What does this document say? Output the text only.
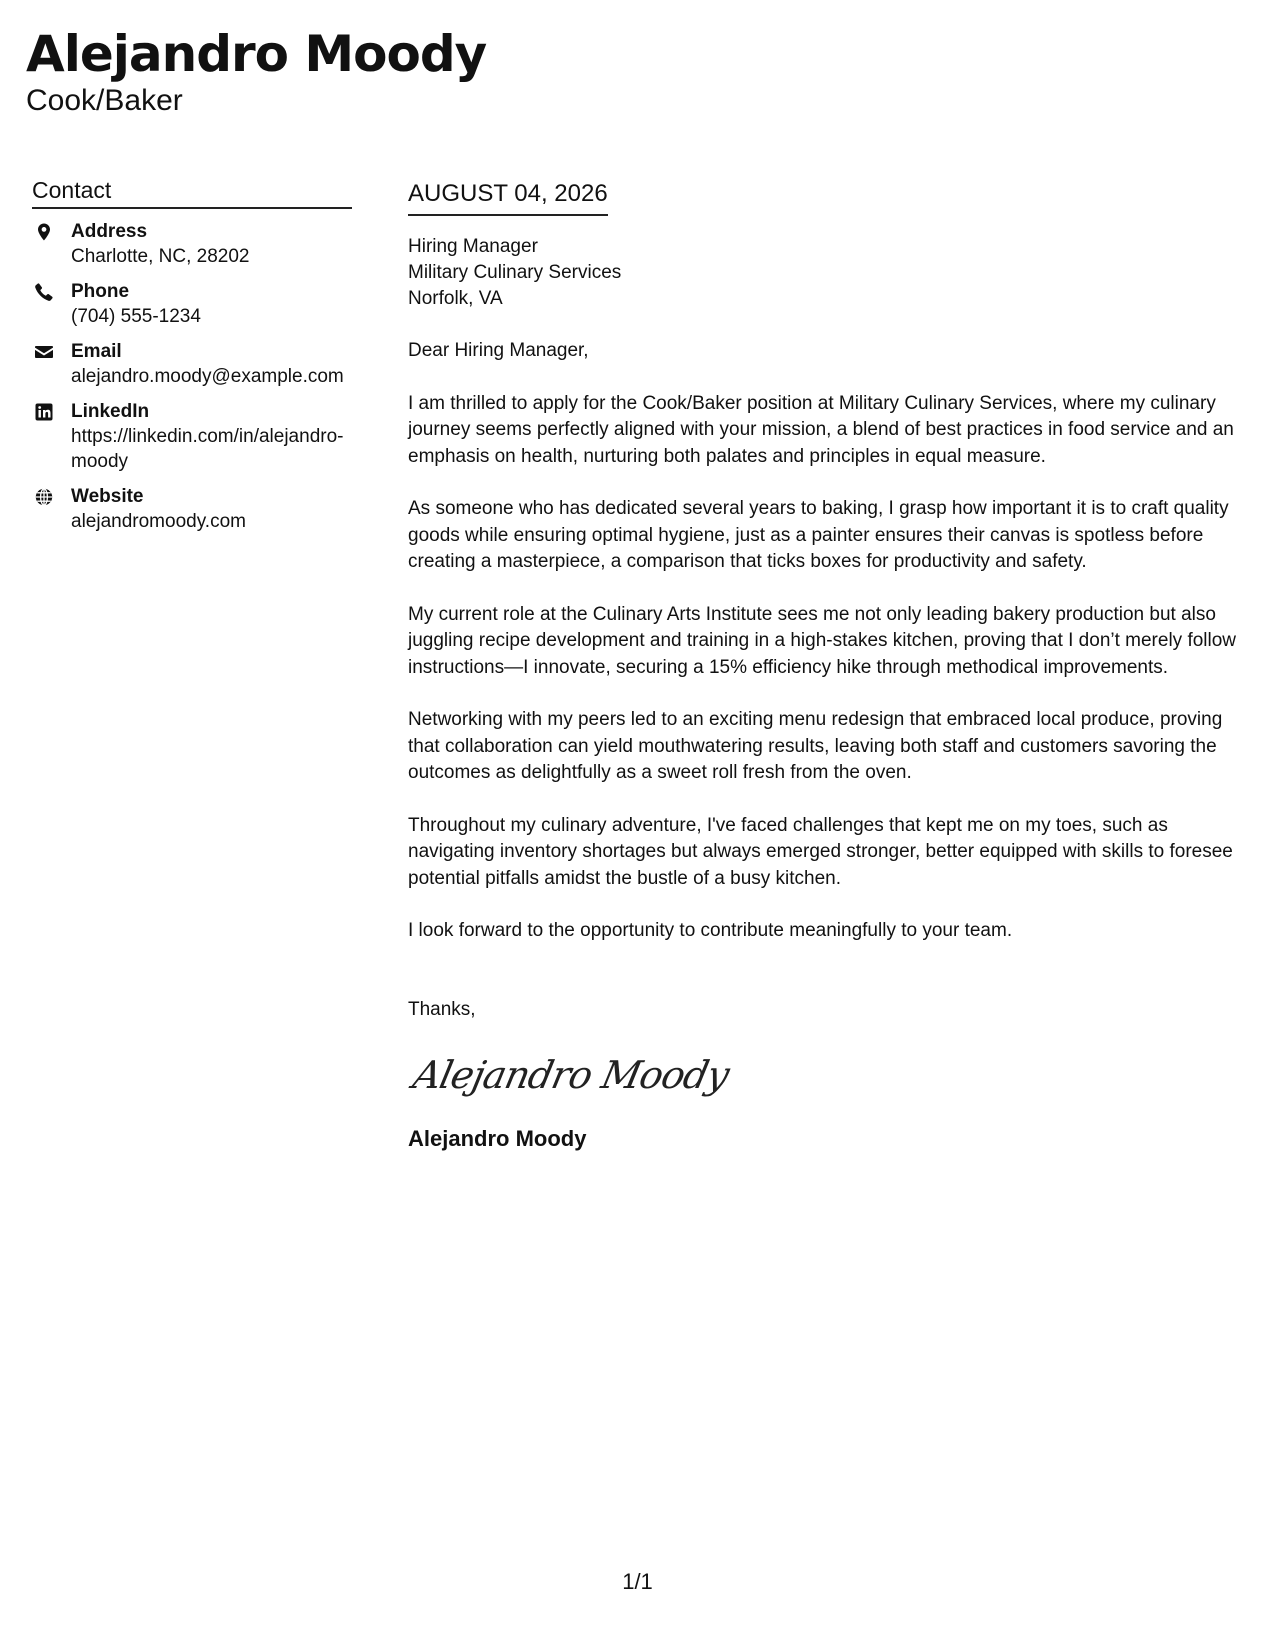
Alejandro Moody
Cook/Baker
Contact
Address
Charlotte, NC, 28202
Phone
(704) 555-1234
Email
alejandro.moody@example.com
LinkedIn
https://linkedin.com/in/alejandro-moody
Website
alejandromoody.com
AUGUST 04, 2026
Hiring Manager
Military Culinary Services
Norfolk, VA

Dear Hiring Manager,

I am thrilled to apply for the Cook/Baker position at Military Culinary Services, where my culinary journey seems perfectly aligned with your mission, a blend of best practices in food service and an emphasis on health, nurturing both palates and principles in equal measure.

As someone who has dedicated several years to baking, I grasp how important it is to craft quality goods while ensuring optimal hygiene, just as a painter ensures their canvas is spotless before creating a masterpiece, a comparison that ticks boxes for productivity and safety.

My current role at the Culinary Arts Institute sees me not only leading bakery production but also juggling recipe development and training in a high-stakes kitchen, proving that I don’t merely follow instructions—I innovate, securing a 15% efficiency hike through methodical improvements.

Networking with my peers led to an exciting menu redesign that embraced local produce, proving that collaboration can yield mouthwatering results, leaving both staff and customers savoring the outcomes as delightfully as a sweet roll fresh from the oven.

Throughout my culinary adventure, I've faced challenges that kept me on my toes, such as navigating inventory shortages but always emerged stronger, better equipped with skills to foresee potential pitfalls amidst the bustle of a busy kitchen.

I look forward to the opportunity to contribute meaningfully to your team.

Thanks,

Alejandro Moody
Alejandro Moody
1/1
